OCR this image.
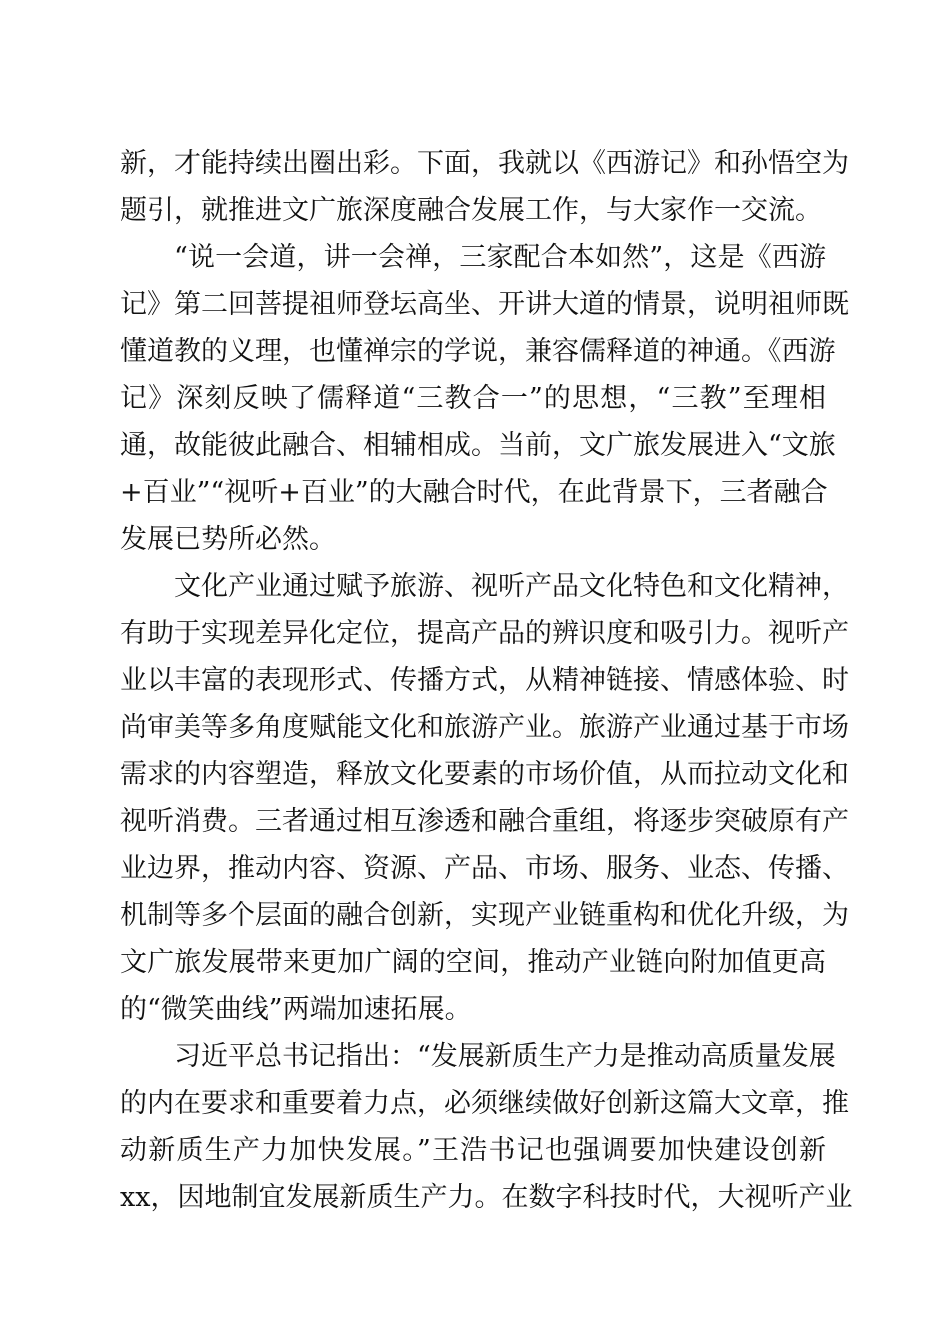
新，才能持续出圈出彩。下面，我就以《西游记》和孙悟空为
题引，就推进文广旅深度融合发展工作，与大家作一交流。
“说一会道，讲一会禅，三家配合本如然”，这是《西游
记》第二回菩提祖师登坛高坐、开讲大道的情景，说明祖师既
懂道教的义理，也懂禅宗的学说，兼容儒释道的神通。《西游
记》深刻反映了儒释道“三教合一”的思想，“三教”至理相
通，故能彼此融合、相辅相成。当前，文广旅发展进入“文旅
+百业”“视听+百业”的大融合时代，在此背景下，三者融合
发展已势所必然。
文化产业通过赋予旅游、视听产品文化特色和文化精神，
有助于实现差异化定位，提高产品的辨识度和吸引力。视听产
业以丰富的表现形式、传播方式，从精神链接、情感体验、时
尚审美等多角度赋能文化和旅游产业。旅游产业通过基于市场
需求的内容塑造，释放文化要素的市场价值，从而拉动文化和
视听消费。三者通过相互渗透和融合重组，将逐步突破原有产
业边界，推动内容、资源、产品、市场、服务、业态、传播、
机制等多个层面的融合创新，实现产业链重构和优化升级，为
文广旅发展带来更加广阔的空间，推动产业链向附加值更高
的“微笑曲线”两端加速拓展。
习近平总书记指出：“发展新质生产力是推动高质量发展
的内在要求和重要着力点，必须继续做好创新这篇大文章，推
动新质生产力加快发展。”王浩书记也强调要加快建设创新
xx，因地制宜发展新质生产力。在数字科技时代，大视听产业
